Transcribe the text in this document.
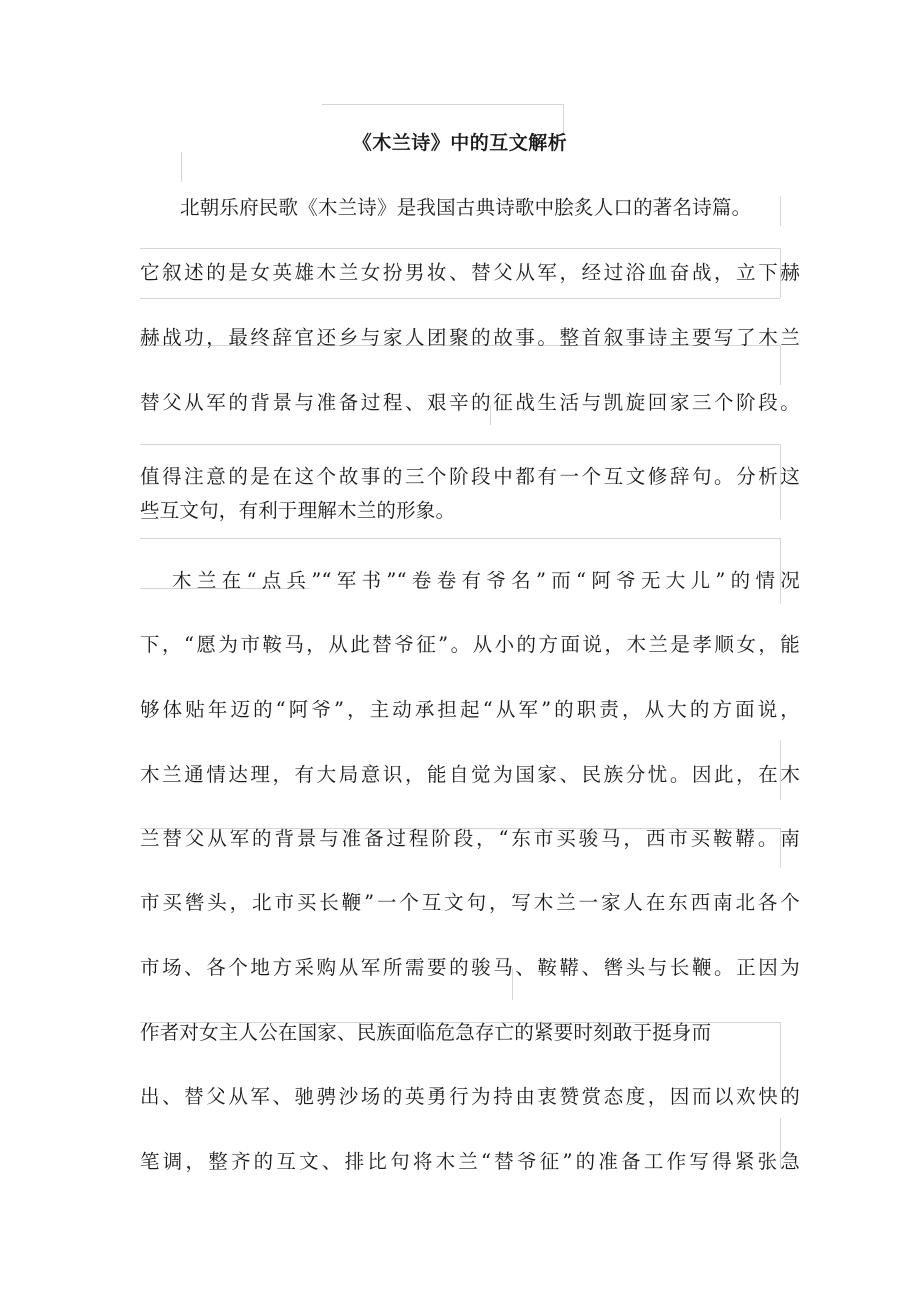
《木兰诗》中的互文解析
北朝乐府民歌《木兰诗》是我国古典诗歌中脍炙人口的著名诗篇。
它叙述的是女英雄木兰女扮男妆、替父从军，经过浴血奋战，立下赫
赫战功，最终辞官还乡与家人团聚的故事。整首叙事诗主要写了木兰
替父从军的背景与准备过程、艰辛的征战生活与凯旋回家三个阶段。
值得注意的是在这个故事的三个阶段中都有一个互文修辞句。分析这
些互文句，有利于理解木兰的形象。
木兰在“点兵”“军书”“卷卷有爷名”而“阿爷无大儿”的情况
下，“愿为市鞍马，从此替爷征”。从小的方面说，木兰是孝顺女，能
够体贴年迈的“阿爷”，主动承担起“从军”的职责，从大的方面说，
木兰通情达理，有大局意识，能自觉为国家、民族分忧。因此，在木
兰替父从军的背景与准备过程阶段，“东市买骏马，西市买鞍鞯。南
市买辔头，北市买长鞭”一个互文句，写木兰一家人在东西南北各个
市场、各个地方采购从军所需要的骏马、鞍鞯、辔头与长鞭。正因为
作者对女主人公在国家、民族面临危急存亡的紧要时刻敢于挺身而
出、替父从军、驰骋沙场的英勇行为持由衷赞赏态度，因而以欢快的
笔调，整齐的互文、排比句将木兰“替爷征”的准备工作写得紧张急
